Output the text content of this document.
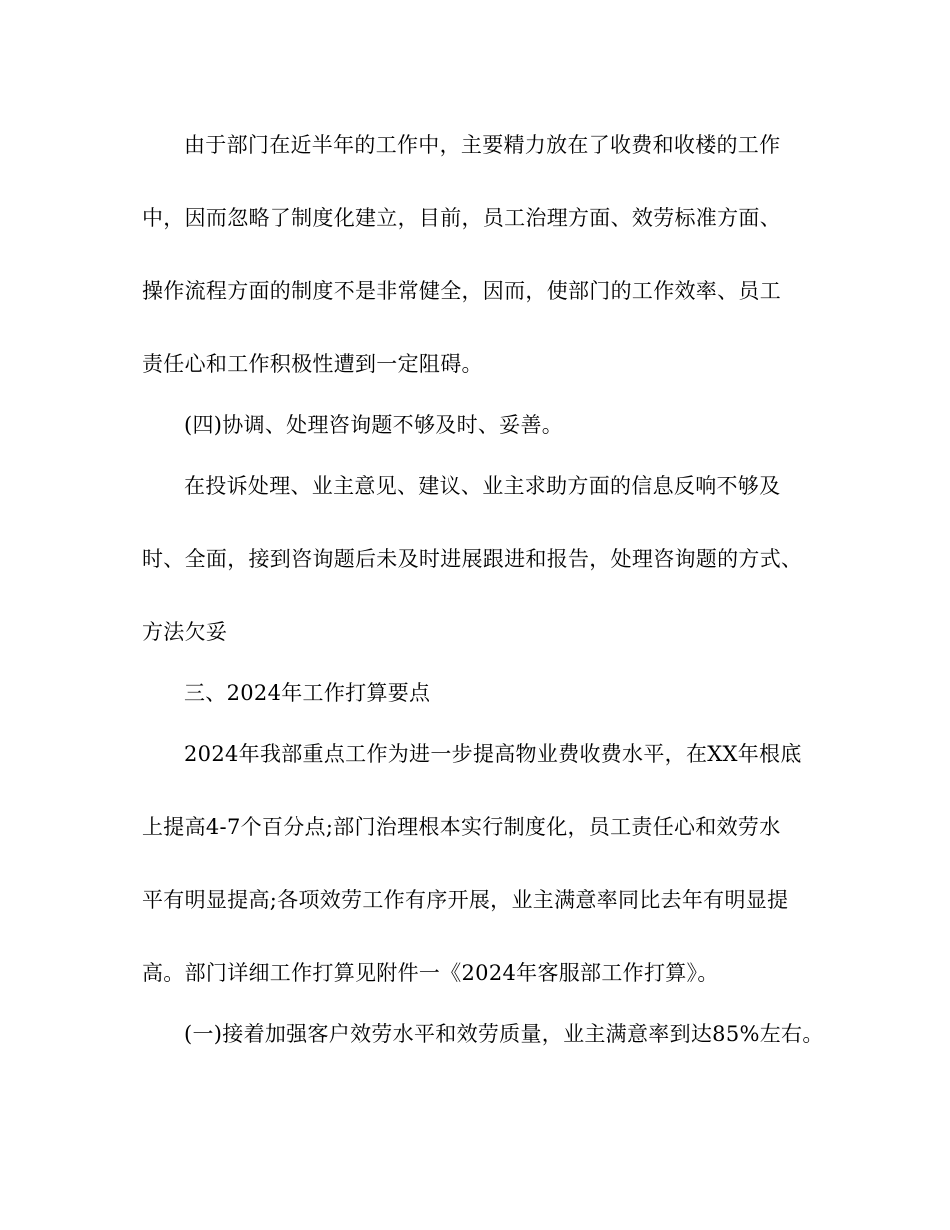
由于部门在近半年的工作中，主要精力放在了收费和收楼的工作
中，因而忽略了制度化建立，目前，员工治理方面、效劳标准方面、
操作流程方面的制度不是非常健全，因而，使部门的工作效率、员工
责任心和工作积极性遭到一定阻碍。
(四)协调、处理咨询题不够及时、妥善。
在投诉处理、业主意见、建议、业主求助方面的信息反响不够及
时、全面，接到咨询题后未及时进展跟进和报告，处理咨询题的方式、
方法欠妥
三、2024年工作打算要点
2024年我部重点工作为进一步提高物业费收费水平，在XX年根底
上提高4-7个百分点;部门治理根本实行制度化，员工责任心和效劳水
平有明显提高;各项效劳工作有序开展，业主满意率同比去年有明显提
高。部门详细工作打算见附件一《2024年客服部工作打算》。
(一)接着加强客户效劳水平和效劳质量，业主满意率到达85%左右。
